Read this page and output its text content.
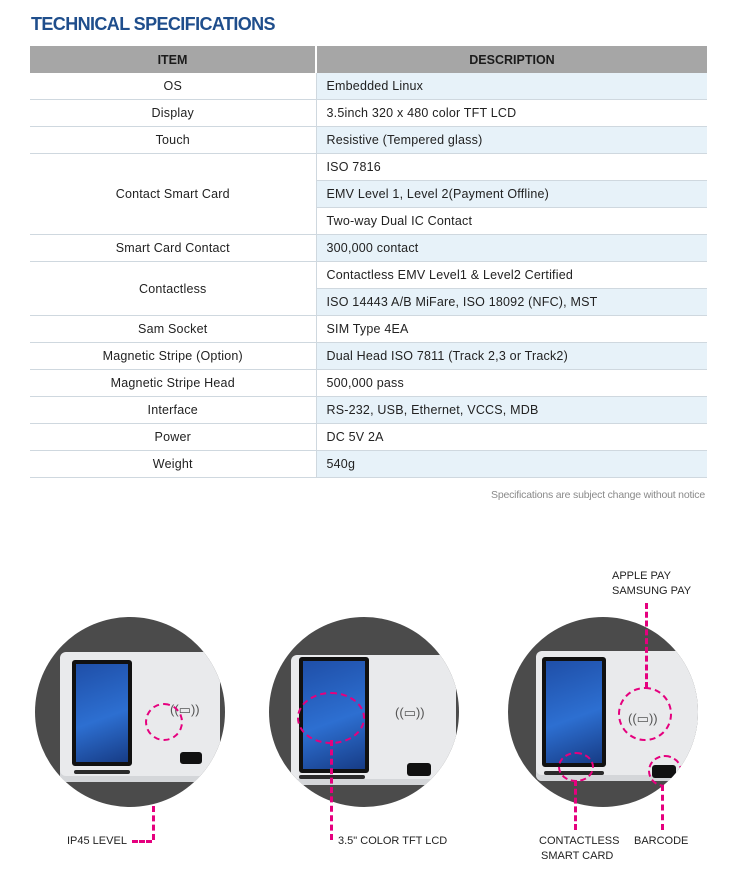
TECHNICAL SPECIFICATIONS
ITEM	DESCRIPTION
OS	Embedded Linux
Display	3.5inch 320 x 480 color TFT LCD
Touch	Resistive (Tempered glass)
Contact Smart Card	ISO 7816
	EMV Level 1, Level 2(Payment Offline)
	Two-way Dual IC Contact
Smart Card Contact	300,000 contact
Contactless	Contactless EMV Level1 & Level2 Certified
	ISO 14443 A/B MiFare, ISO 18092 (NFC), MST
Sam Socket	SIM Type 4EA
Magnetic Stripe (Option)	Dual Head ISO 7811 (Track 2,3 or Track2)
Magnetic Stripe Head	500,000 pass
Interface	RS-232, USB, Ethernet, VCCS, MDB
Power	DC 5V 2A
Weight	540g
Specifications are subject change without notice
((▭))
IP45 LEVEL
((▭))
3.5" COLOR TFT LCD
((▭))
APPLE PAY
SAMSUNG PAY
CONTACTLESS
SMART CARD
BARCODE
